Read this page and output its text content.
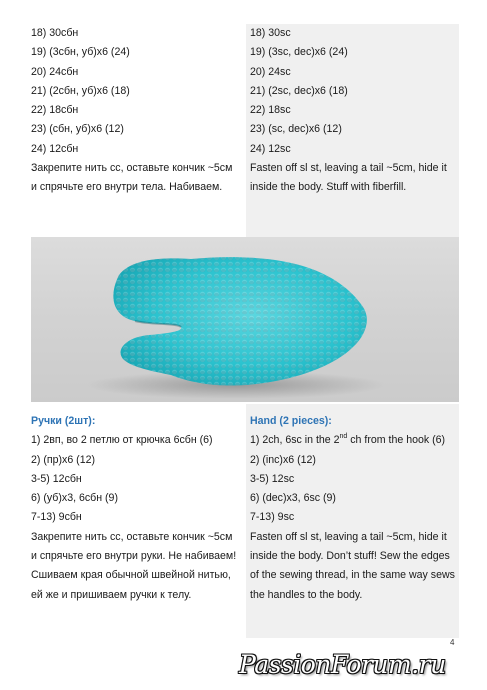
18) 30сбн
19) (3сбн, уб)х6 (24)
20) 24сбн
21) (2сбн, уб)х6 (18)
22) 18сбн
23) (сбн, уб)х6 (12)
24) 12сбн
Закрепите нить сс, оставьте кончик ~5см и спрячьте его внутри тела. Набиваем.
18) 30sc
19) (3sc, dec)x6 (24)
20) 24sc
21) (2sc, dec)x6 (18)
22) 18sc
23) (sc, dec)x6 (12)
24) 12sc
Fasten off sl st, leaving a tail ~5cm, hide it inside the body. Stuff with fiberfill.
Ручки (2шт):
1) 2вп, во 2 петлю от крючка 6сбн (6)
2) (пр)х6 (12)
3-5) 12сбн
6) (уб)х3, 6сбн (9)
7-13) 9сбн
Закрепите нить сс, оставьте кончик ~5см и спрячьте его внутри руки. Не набиваем! Сшиваем края обычной швейной нитью, ей же и пришиваем ручки к телу.
Hand (2 pieces):
1) 2ch, 6sc in the 2nd ch from the hook (6)
2) (inc)x6 (12)
3-5) 12sc
6) (dec)x3, 6sc (9)
7-13) 9sc
Fasten off sl st, leaving a tail ~5cm, hide it inside the body. Don’t stuff! Sew the edges of the sewing thread, in the same way sews the handles to the body.
4
PassionForum.ru
